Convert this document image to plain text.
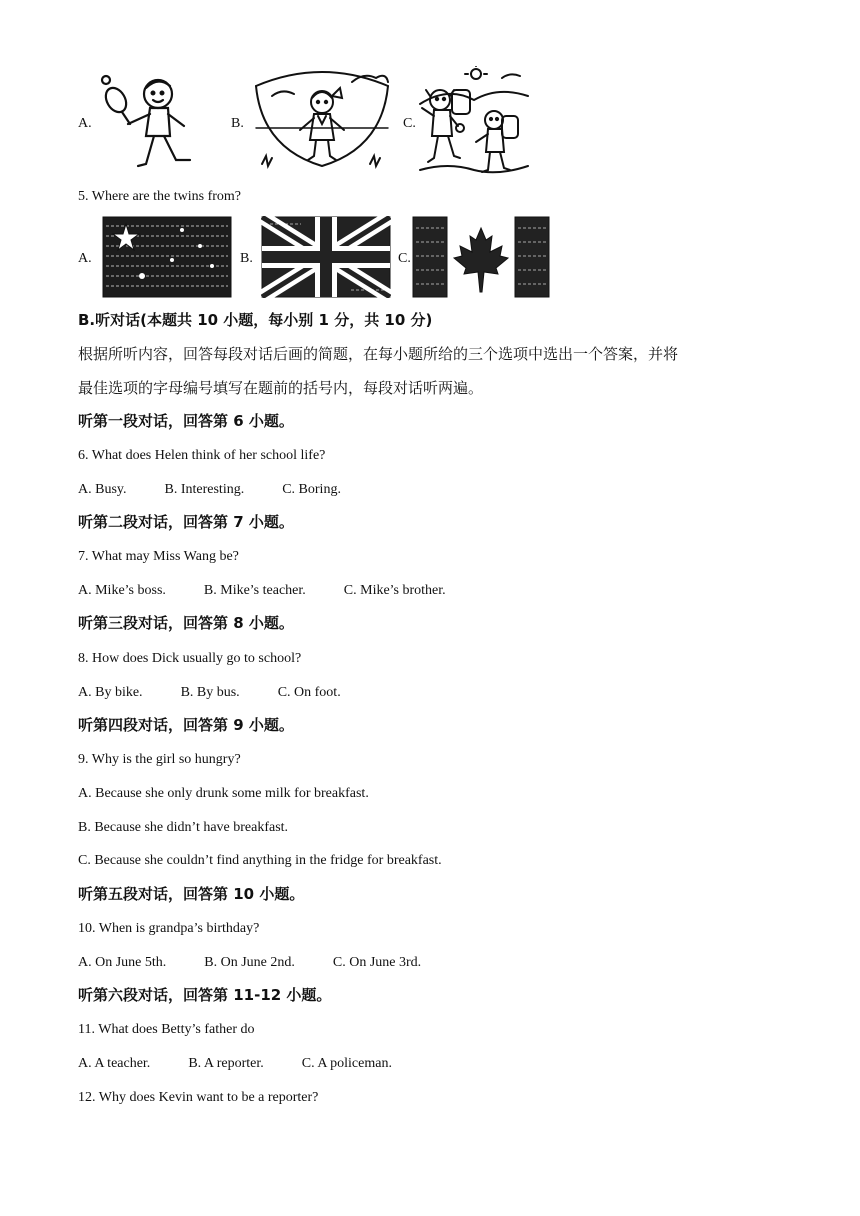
A.	B.	C.
5. Where are the twins from?
A.	B.	C.
B.听对话(本题共 10 小题，每小别 1 分，共 10 分)
根据所听内容，回答每段对话后画的简题，在每小题所给的三个选项中选出一个答案，并将
最佳选项的字母编号填写在题前的括号内，每段对话听两遍。
听第一段对话，回答第 6 小题。
6. What does Helen think of her school life?
A. Busy.	B. Interesting.	C. Boring.
听第二段对话，回答第 7 小题。
7. What may Miss Wang be?
A. Mike’s boss.	B. Mike’s teacher.	C. Mike’s brother.
听第三段对话，回答第 8 小题。
8. How does Dick usually go to school?
A. By bike.	B. By bus.	C. On foot.
听第四段对话，回答第 9 小题。
9. Why is the girl so hungry?
A. Because she only drunk some milk for breakfast.
B. Because she didn’t have breakfast.
C. Because she couldn’t find anything in the fridge for breakfast.
听第五段对话，回答第 10 小题。
10. When is grandpa’s birthday?
A. On June 5th.	B. On June 2nd.	C. On June 3rd.
听第六段对话，回答第 11-12 小题。
11. What does Betty’s father do
A. A teacher.	B. A reporter.	C. A policeman.
12. Why does Kevin want to be a reporter?
